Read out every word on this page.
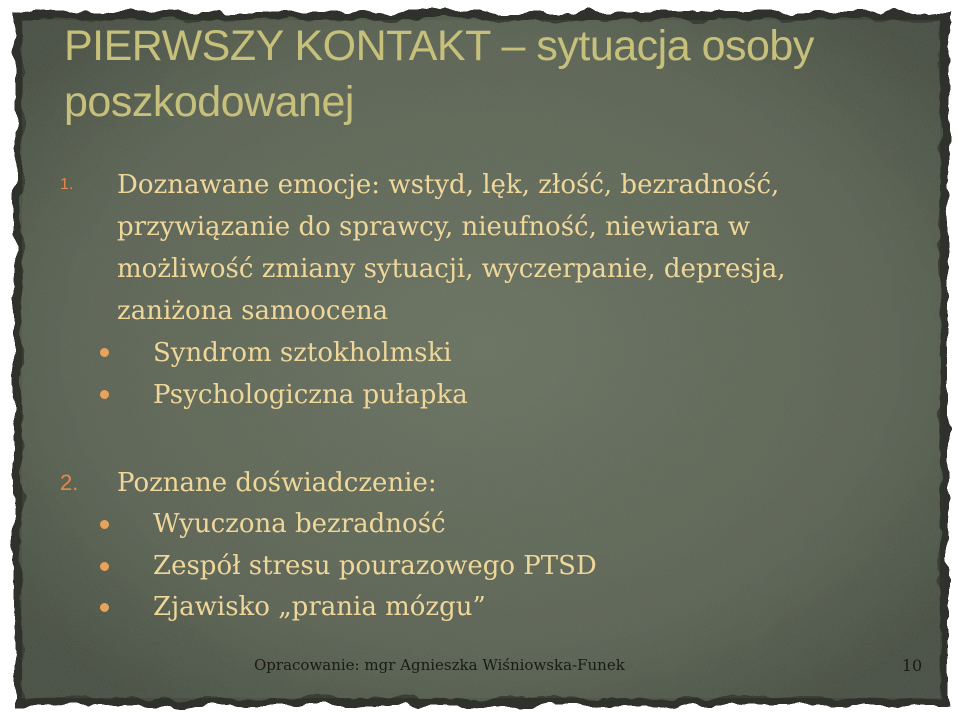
PIERWSZY KONTAKT – sytuacja osoby poszkodowanej
1. Doznawane emocje: wstyd, lęk, złość, bezradność, przywiązanie do sprawcy, nieufność, niewiara w możliwość zmiany sytuacji, wyczerpanie, depresja, zaniżona samoocena
Syndrom sztokholmski
Psychologiczna pułapka
2. Poznane doświadczenie:
Wyuczona bezradność
Zespół stresu pourazowego PTSD
Zjawisko „prania mózgu”
Opracowanie: mgr Agnieszka Wiśniowska-Funek	10
